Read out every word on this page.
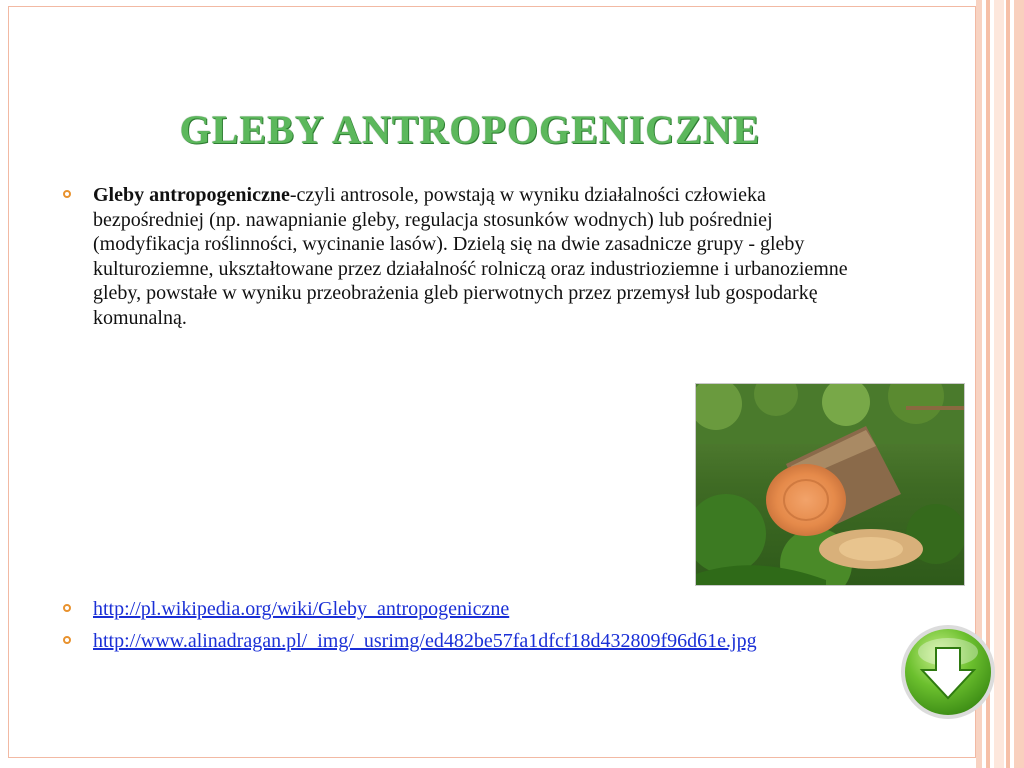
GLEBY ANTROPOGENICZNE
Gleby antropogeniczne-czyli antrosole, powstają w wyniku działalności człowieka bezpośredniej (np. nawapnianie gleby, regulacja stosunków wodnych) lub pośredniej (modyfikacja roślinności, wycinanie lasów). Dzielą się na dwie zasadnicze grupy - gleby kulturoziemne, ukształtowane przez działalność rolniczą oraz industrioziemne i urbanoziemne gleby, powstałe w wyniku przeobrażenia gleb pierwotnych przez przemysł lub gospodarkę komunalną.
http://pl.wikipedia.org/wiki/Gleby_antropogeniczne
http://www.alinadragan.pl/_img/_usrimg/ed482be57fa1dfcf18d432809f96d61e.jpg
